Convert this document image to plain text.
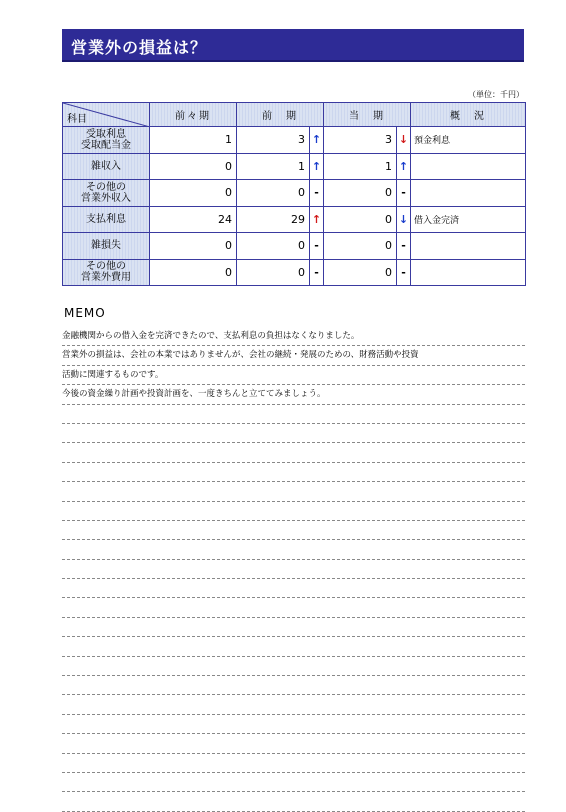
営業外の損益は？
（単位：千円）
科目	前々期	前　期		当　期		概　況
受取利息
受取配当金	1	3	↑	3	↓	預金利息
雑収入	0	1	↑	1	↑	
その他の
営業外収入	0	0	-	0	-	
支払利息	24	29	↑	0	↓	借入金完済
雑損失	0	0	-	0	-	
その他の
営業外費用	0	0	-	0	-	
MEMO
金融機関からの借入金を完済できたので、支払利息の負担はなくなりました。
営業外の損益は、会社の本業ではありませんが、会社の継続・発展のための、財務活動や投資
活動に関連するものです。
今後の資金繰り計画や投資計画を、一度きちんと立ててみましょう。
